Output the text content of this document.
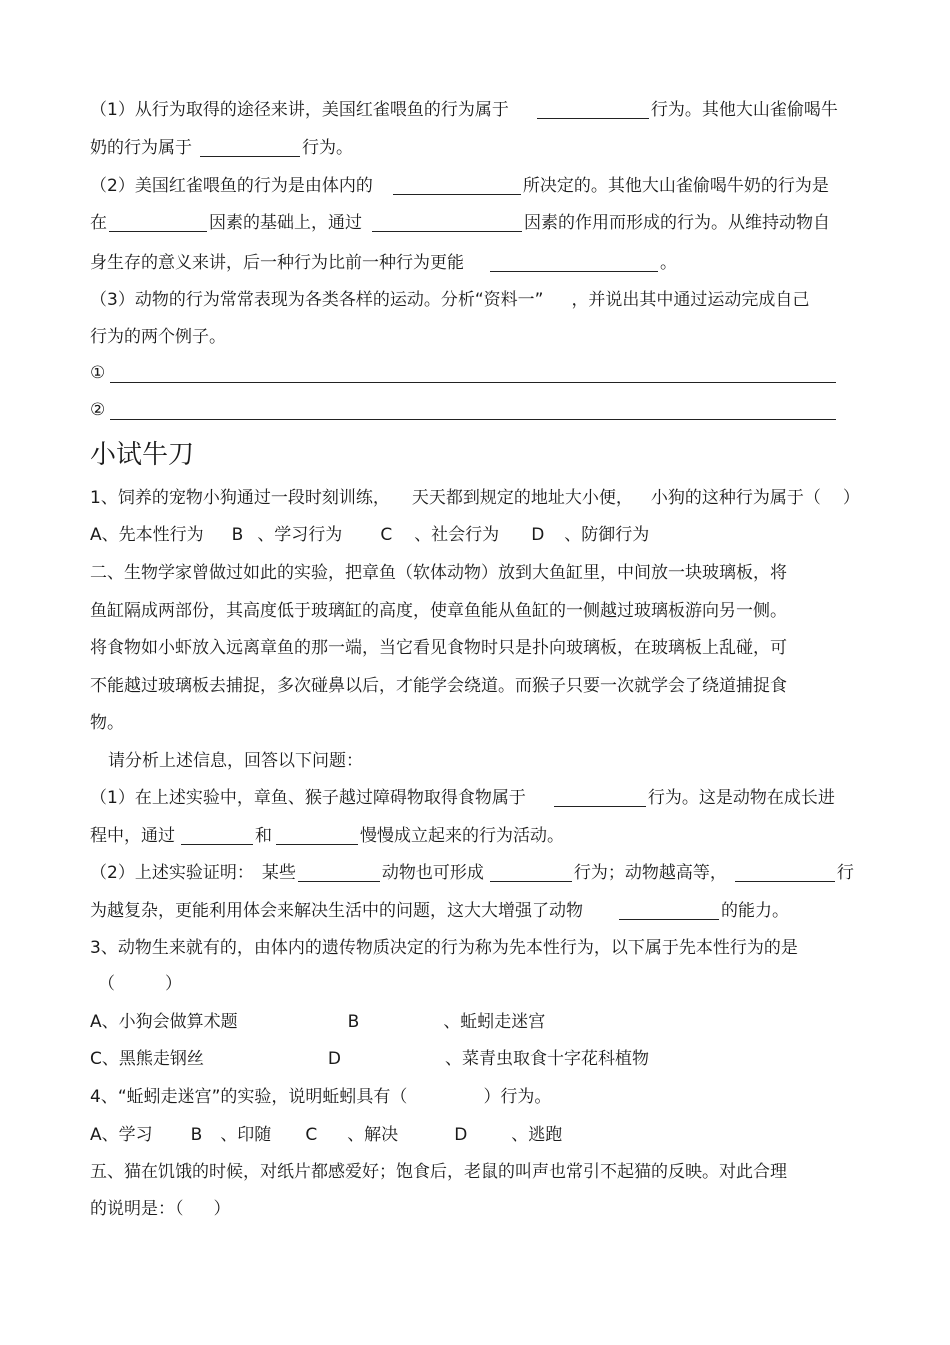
（1）从行为取得的途径来讲，美国红雀喂鱼的行为属于	行为。其他大山雀偷喝牛
奶的行为属于	行为。
（2）美国红雀喂鱼的行为是由体内的	所决定的。其他大山雀偷喝牛奶的行为是
在	因素的基础上，通过	因素的作用而形成的行为。从维持动物自
身生存的意义来讲，后一种行为比前一种行为更能	。
（3）动物的行为常常表现为各类各样的运动。分析“资料一” ，并说出其中通过运动完成自己
行为的两个例子。
①
②
小试牛刀
1、饲养的宠物小狗通过一段时刻训练， 天天都到规定的地址大小便， 小狗的这种行为属于（ ）
A、先本性行为 B 、学习行为 C 、社会行为 D 、防御行为
二、生物学家曾做过如此的实验，把章鱼（软体动物）放到大鱼缸里，中间放一块玻璃板，将
鱼缸隔成两部份，其高度低于玻璃缸的高度，使章鱼能从鱼缸的一侧越过玻璃板游向另一侧。
将食物如小虾放入远离章鱼的那一端，当它看见食物时只是扑向玻璃板，在玻璃板上乱碰，可
不能越过玻璃板去捕捉，多次碰鼻以后，才能学会绕道。而猴子只要一次就学会了绕道捕捉食
物。
请分析上述信息，回答以下问题：
（1）在上述实验中，章鱼、猴子越过障碍物取得食物属于	行为。这是动物在成长进
程中，通过	和	慢慢成立起来的行为活动。
（2）上述实验证明： 某些	动物也可形成	行为；动物越高等，	行
为越复杂，更能利用体会来解决生活中的问题，这大大增强了动物	的能力。
3、动物生来就有的，由体内的遗传物质决定的行为称为先本性行为，以下属于先本性行为的是
（	）
A、小狗会做算术题	B	、蚯蚓走迷宫
C、黑熊走钢丝	D	、菜青虫取食十字花科植物
4、“蚯蚓走迷宫”的实验，说明蚯蚓具有（	）行为。
A、学习 B 、印随 C 、解决	D	、逃跑
五、猫在饥饿的时候，对纸片都感爱好；饱食后，老鼠的叫声也常引不起猫的反映。对此合理
的说明是：（ ）
